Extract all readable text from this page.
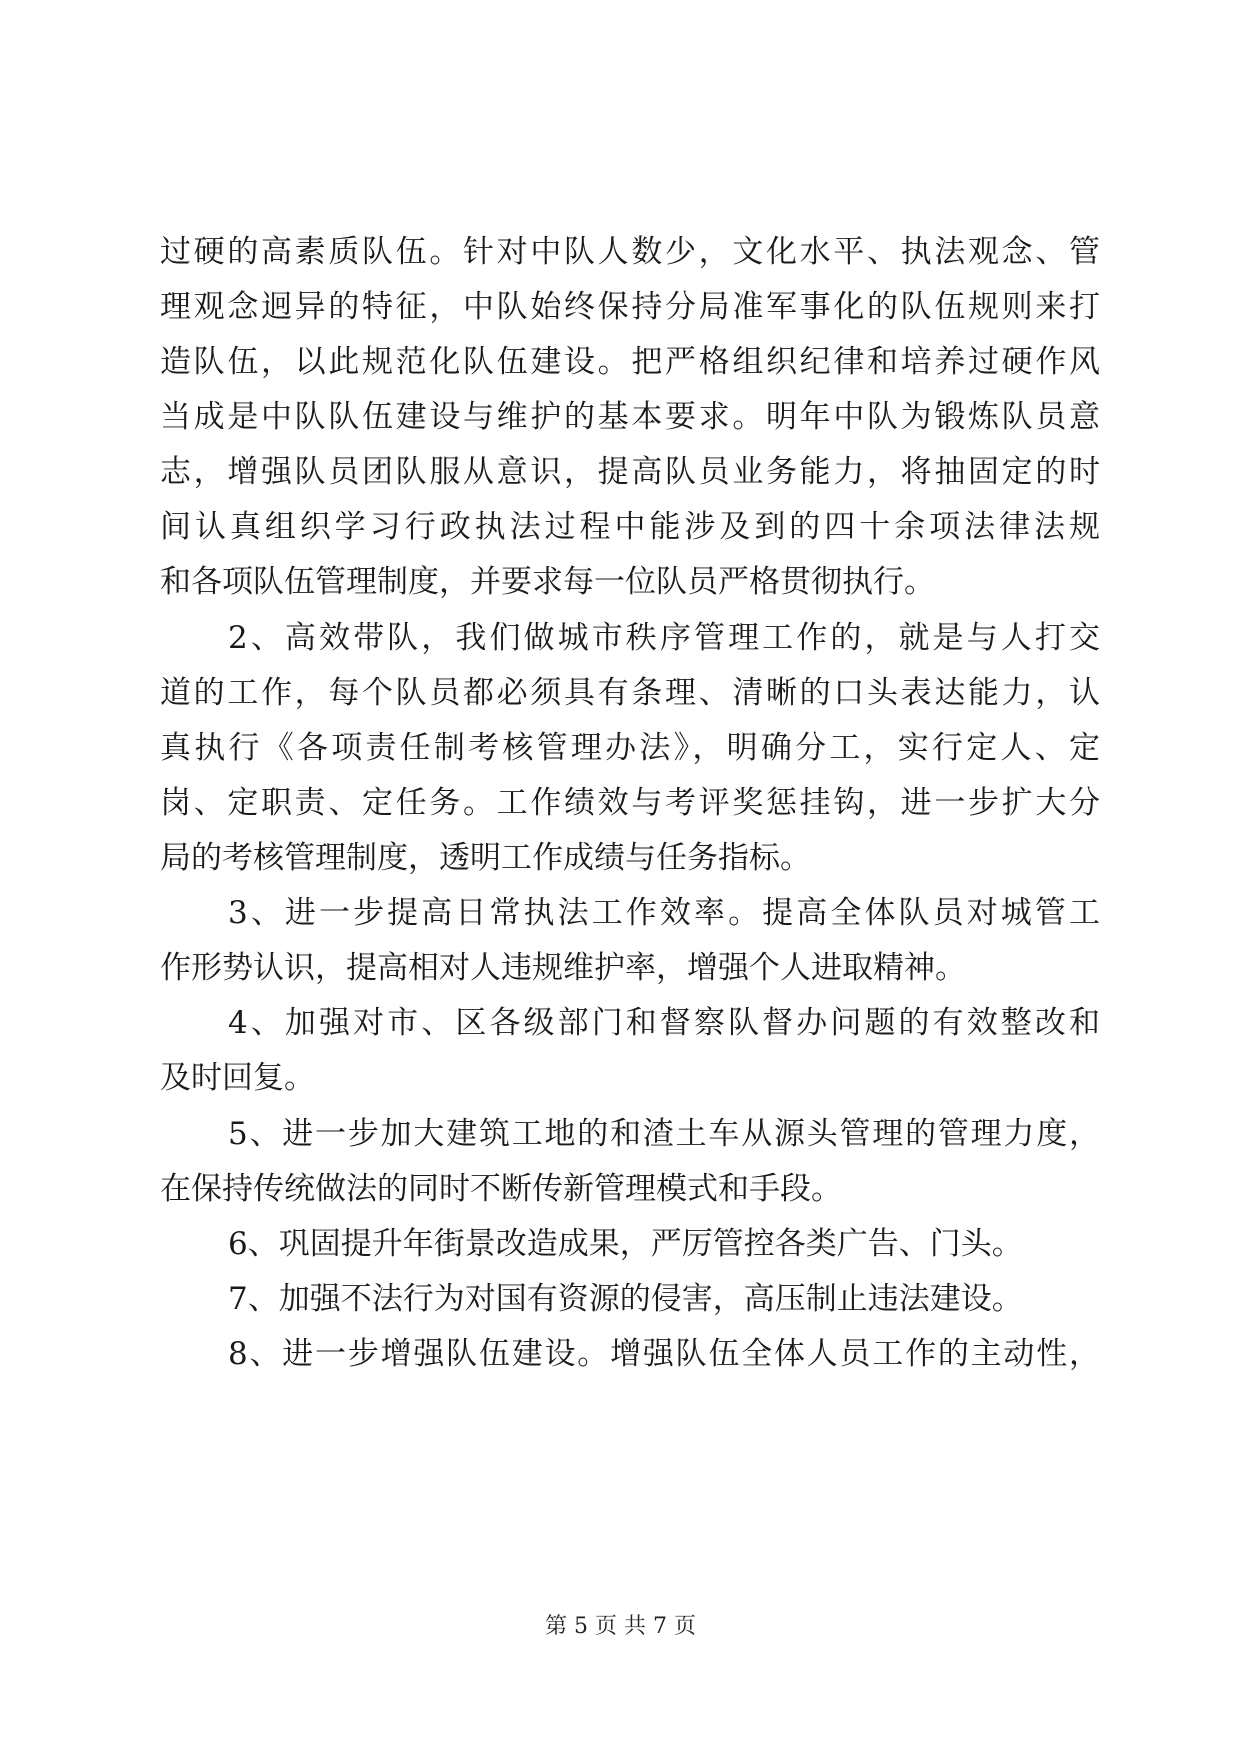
过硬的高素质队伍。针对中队人数少，文化水平、执法观念、管
理观念迥异的特征，中队始终保持分局准军事化的队伍规则来打
造队伍，以此规范化队伍建设。把严格组织纪律和培养过硬作风
当成是中队队伍建设与维护的基本要求。明年中队为锻炼队员意
志，增强队员团队服从意识，提高队员业务能力，将抽固定的时
间认真组织学习行政执法过程中能涉及到的四十余项法律法规
和各项队伍管理制度，并要求每一位队员严格贯彻执行。
2、高效带队，我们做城市秩序管理工作的，就是与人打交
道的工作，每个队员都必须具有条理、清晰的口头表达能力，认
真执行《各项责任制考核管理办法》，明确分工，实行定人、定
岗、定职责、定任务。工作绩效与考评奖惩挂钩，进一步扩大分
局的考核管理制度，透明工作成绩与任务指标。
3、进一步提高日常执法工作效率。提高全体队员对城管工
作形势认识，提高相对人违规维护率，增强个人进取精神。
4、加强对市、区各级部门和督察队督办问题的有效整改和
及时回复。
5、进一步加大建筑工地的和渣土车从源头管理的管理力度，
在保持传统做法的同时不断传新管理模式和手段。
6、巩固提升年街景改造成果，严厉管控各类广告、门头。
7、加强不法行为对国有资源的侵害，高压制止违法建设。
8、进一步增强队伍建设。增强队伍全体人员工作的主动性，
第 5 页 共 7 页
